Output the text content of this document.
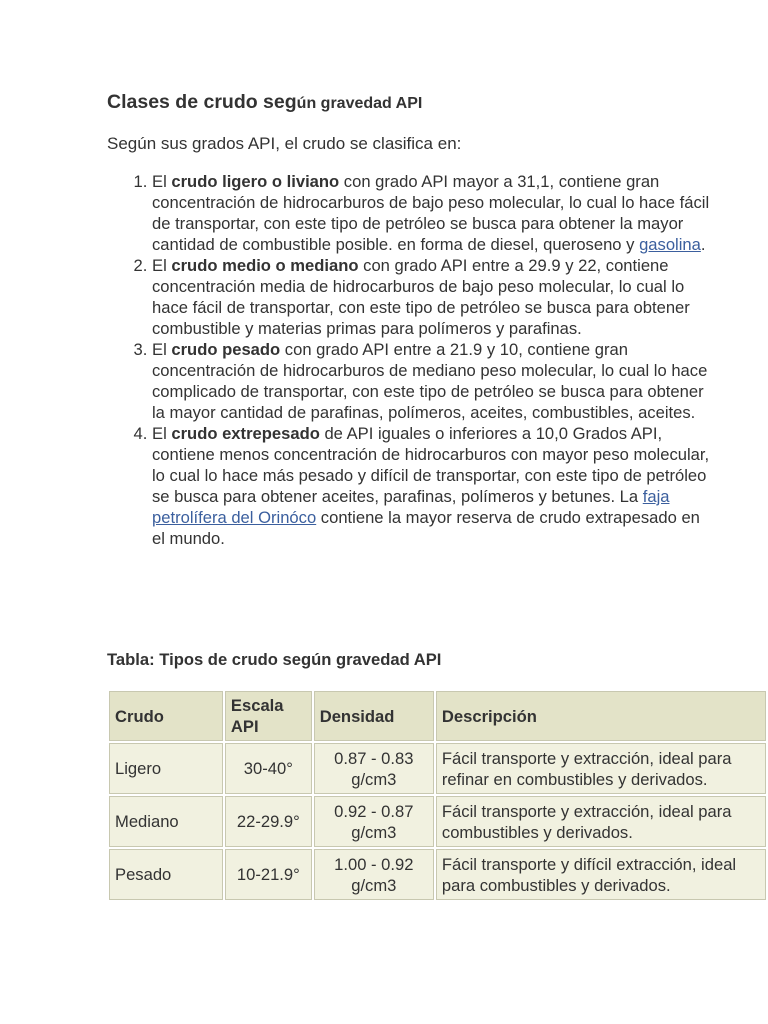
Clases de crudo según gravedad API

Según sus grados API, el crudo se clasifica en:

1. El crudo ligero o liviano con grado API mayor a 31,1, contiene gran concentración de hidrocarburos de bajo peso molecular, lo cual lo hace fácil de transportar, con este tipo de petróleo se busca para obtener la mayor cantidad de combustible posible. en forma de diesel, queroseno y gasolina.
2. El crudo medio o mediano con grado API entre a 29.9 y 22, contiene concentración media de hidrocarburos de bajo peso molecular, lo cual lo hace fácil de transportar, con este tipo de petróleo se busca para obtener combustible y materias primas para polímeros y parafinas.
3. El crudo pesado con grado API entre a 21.9 y 10, contiene gran concentración de hidrocarburos de mediano peso molecular, lo cual lo hace complicado de transportar, con este tipo de petróleo se busca para obtener la mayor cantidad de parafinas, polímeros, aceites, combustibles, aceites.
4. El crudo extrepesado de API iguales o inferiores a 10,0 Grados API, contiene menos concentración de hidrocarburos con mayor peso molecular, lo cual lo hace más pesado y difícil de transportar, con este tipo de petróleo se busca para obtener aceites, parafinas, polímeros y betunes. La faja petrolífera del Orinóco contiene la mayor reserva de crudo extrapesado en el mundo.

Tabla: Tipos de crudo según gravedad API

Crudo	Escala API	Densidad	Descripción
Ligero	30-40°	0.87 - 0.83 g/cm3	Fácil transporte y extracción, ideal para refinar en combustibles y derivados.
Mediano	22-29.9°	0.92 - 0.87 g/cm3	Fácil transporte y extracción, ideal para combustibles y derivados.
Pesado	10-21.9°	1.00 - 0.92 g/cm3	Fácil transporte y difícil extracción, ideal para combustibles y derivados.
